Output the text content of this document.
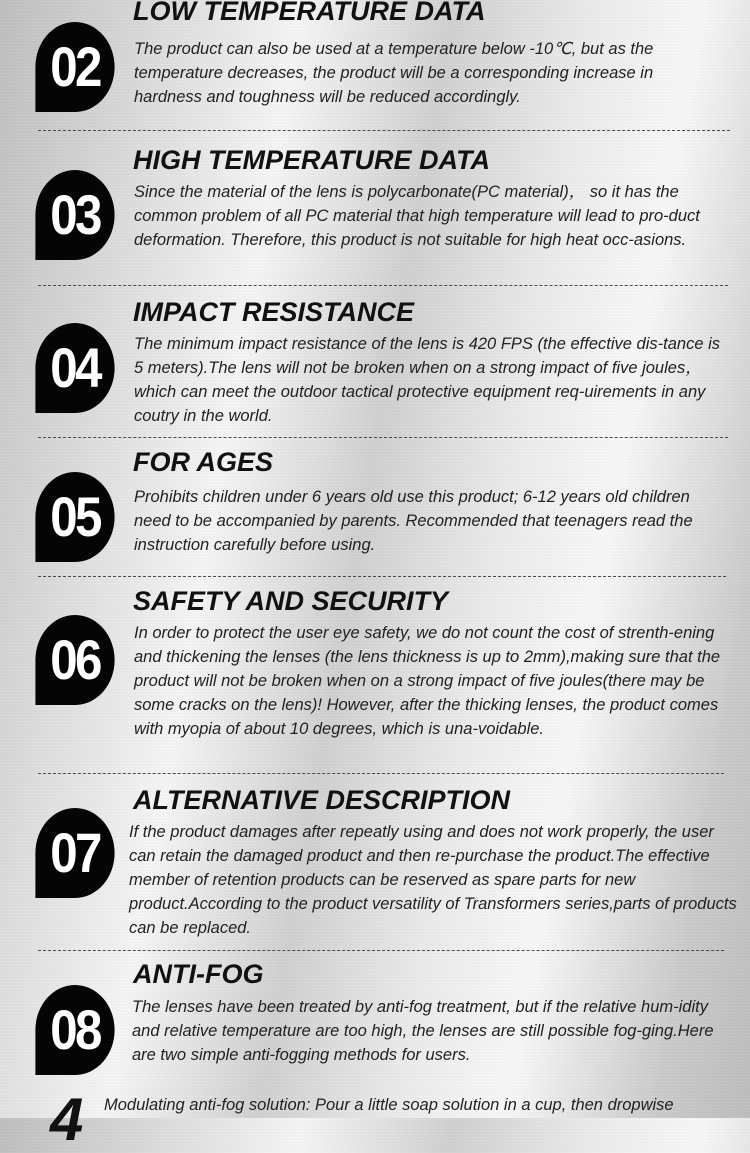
02
LOW TEMPERATURE DATA

The product can also be used at a temperature below -10℃, but as the temperature decreases, the product will be a corresponding increase in hardness and toughness will be reduced accordingly.

03
HIGH TEMPERATURE DATA

Since the material of the lens is polycarbonate(PC material)， so it has the common problem of all PC material that high temperature will lead to pro-duct deformation. Therefore, this product is not suitable for high heat occ-asions.

04
IMPACT RESISTANCE

The minimum impact resistance of the lens is 420 FPS (the effective dis-tance is 5 meters).The lens will not be broken when on a strong impact of five joules，which can meet the outdoor tactical protective equipment req-uirements in any coutry in the world.

05
FOR AGES

Prohibits children under 6 years old use this product; 6-12 years old children need to be accompanied by parents. Recommended that teenagers read the instruction carefully before using.

06
SAFETY AND SECURITY

In order to protect the user eye safety, we do not count the cost of strenth-ening and thickening the lenses (the lens thickness is up to 2mm),making sure that the product will not be broken when on a strong impact of five joules(there may be some cracks on the lens)! However, after the thicking lenses, the product comes with myopia of about 10 degrees, which is una-voidable.

07
ALTERNATIVE DESCRIPTION

If the product damages after repeatly using and does not work properly, the user can retain the damaged product and then re-purchase the product.The effective member of retention products can be reserved as spare parts for new product.According to the product versatility of Transformers series,parts of products can be replaced.

08
ANTI-FOG

The lenses have been treated by anti-fog treatment, but if the relative hum-idity and relative temperature are too high, the lenses are still possible fog-ging.Here are two simple anti-fogging methods for users.

4 Modulating anti-fog solution: Pour a little soap solution in a cup, then dropwise
